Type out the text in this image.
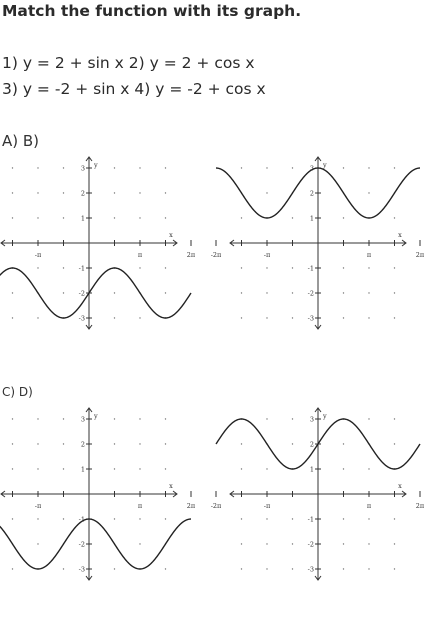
Match the function with its graph.
1) y = 2 + sin x 2) y = 2 + cos x
3) y = -2 + sin x 4) y = -2 + cos x
A) B)
C) D)
-π	π	2π
3
2
1
-1
-2
-3
y
x
-2π	-π	π	2π
3
2
1
-1
-2
-3
y
x
-π	π	2π
3
2
1
-1
-2
-3
y
x
-2π	-π	π	2π
3
2
1
-1
-2
-3
y
x
